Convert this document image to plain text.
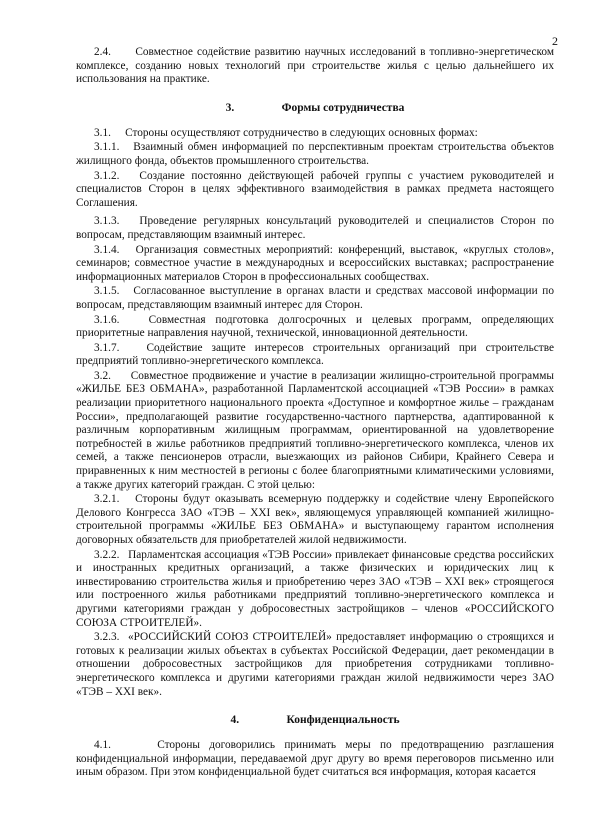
2

2.4. Совместное содействие развитию научных исследований в топливно-энергетическом комплексе, созданию новых технологий при строительстве жилья с целью дальнейшего их использования на практике.

3.	Формы сотрудничества

3.1. Стороны осуществляют сотрудничество в следующих основных формах:

3.1.1. Взаимный обмен информацией по перспективным проектам строительства объектов жилищного фонда, объектов промышленного строительства.

3.1.2. Создание постоянно действующей рабочей группы с участием руководителей и специалистов Сторон в целях эффективного взаимодействия в рамках предмета настоящего Соглашения.

3.1.3. Проведение регулярных консультаций руководителей и специалистов Сторон по вопросам, представляющим взаимный интерес.

3.1.4. Организация совместных мероприятий: конференций, выставок, «круглых столов», семинаров; совместное участие в международных и всероссийских выставках; распространение информационных материалов Сторон в профессиональных сообществах.

3.1.5. Согласованное выступление в органах власти и средствах массовой информации по вопросам, представляющим взаимный интерес для Сторон.

3.1.6.	Совместная подготовка долгосрочных и целевых программ, определяющих приоритетные направления научной, технической, инновационной деятельности.

3.1.7. Содействие защите интересов строительных организаций при строительстве предприятий топливно-энергетического комплекса.

3.2. Совместное продвижение и участие в реализации жилищно-строительной программы «ЖИЛЬЕ БЕЗ ОБМАНА», разработанной Парламентской ассоциацией «ТЭВ России» в рамках реализации приоритетного национального проекта «Доступное и комфортное жилье – гражданам России», предполагающей развитие государственно-частного партнерства, адаптированной к различным корпоративным жилищным программам, ориентированной на удовлетворение потребностей в жилье работников предприятий топливно-энергетического комплекса, членов их семей, а также пенсионеров отрасли, выезжающих из районов Сибири, Крайнего Севера и приравненных к ним местностей в регионы с более благоприятными климатическими условиями, а также других категорий граждан. С этой целью:

3.2.1. Стороны будут оказывать всемерную поддержку и содействие члену Европейского Делового Конгресса ЗАО «ТЭВ – XXI век», являющемуся управляющей компанией жилищно-строительной программы «ЖИЛЬЕ БЕЗ ОБМАНА» и выступающему гарантом исполнения договорных обязательств для приобретателей жилой недвижимости.

3.2.2. Парламентская ассоциация «ТЭВ России» привлекает финансовые средства российских и иностранных кредитных организаций, а также физических и юридических лиц к инвестированию строительства жилья и приобретению через ЗАО «ТЭВ – XXI век» строящегося или построенного жилья работниками предприятий топливно-энергетического комплекса и другими категориями граждан у добросовестных застройщиков – членов «РОССИЙСКОГО СОЮЗА СТРОИТЕЛЕЙ».

3.2.3. «РОССИЙСКИЙ СОЮЗ СТРОИТЕЛЕЙ» предоставляет информацию о строящихся и готовых к реализации жилых объектах в субъектах Российской Федерации, дает рекомендации в отношении добросовестных застройщиков для приобретения сотрудниками топливно-энергетического комплекса и другими категориями граждан жилой недвижимости через ЗАО «ТЭВ – XXI век».

4.	Конфиденциальность

4.1.	Стороны договорились принимать меры по предотвращению разглашения конфиденциальной информации, передаваемой друг другу во время переговоров письменно или иным образом. При этом конфиденциальной будет считаться вся информация, которая касается
